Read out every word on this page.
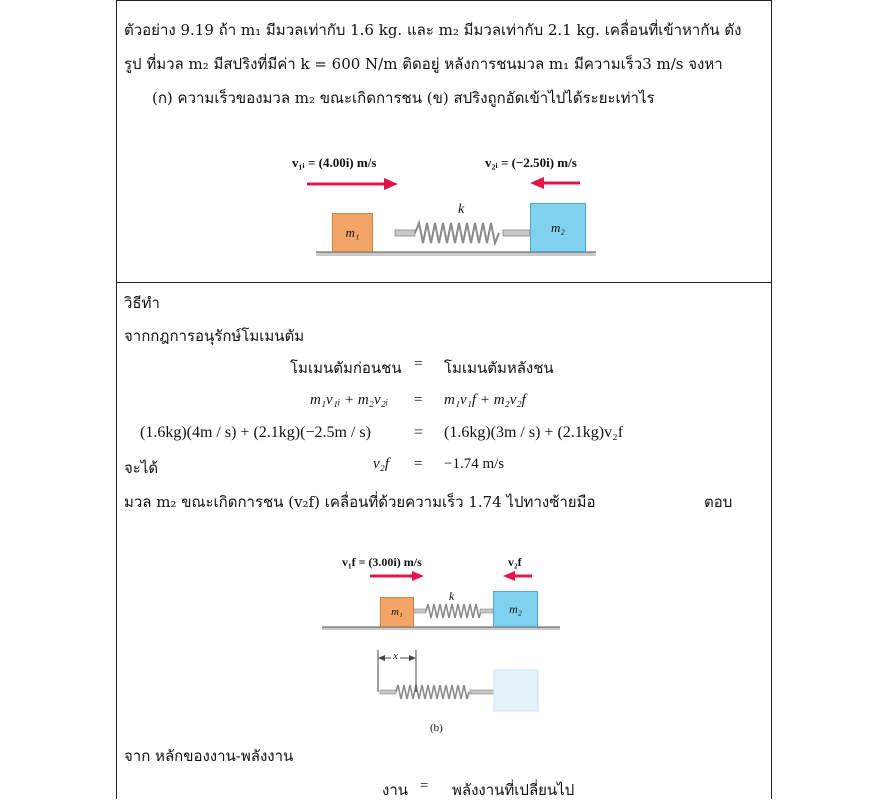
ตัวอย่าง 9.19 ถ้า m₁ มีมวลเท่ากับ 1.6 kg. และ m₂ มีมวลเท่ากับ 2.1 kg. เคลื่อนที่เข้าหากัน ดัง
รูป ที่มวล m₂ มีสปริงที่มีค่า k = 600 N/m ติดอยู่ หลังการชนมวล m₁ มีความเร็ว3 m/s จงหา
(ก) ความเร็วของมวล m₂ ขณะเกิดการชน (ข) สปริงถูกอัดเข้าไปได้ระยะเท่าไร
v₁ᵢ = (4.00i) m/s	v₂ᵢ = (−2.50i) m/s
k
m₁	m₂
วิธีทำ
จากกฎการอนุรักษ์โมเมนตัม
โมเมนตัมก่อนชน = โมเมนตัมหลังชน
m₁v₁ᵢ + m₂v₂ᵢ = m₁v₁f + m₂v₂f
(1.6kg)(4m / s) + (2.1kg)(−2.5m / s)	= (1.6kg)(3m / s) + (2.1kg)v₂f
จะได้	v₂f = −1.74 m/s
มวล m₂ ขณะเกิดการชน (v₂f) เคลื่อนที่ด้วยความเร็ว 1.74 ไปทางซ้ายมือ	ตอบ
v₁f = (3.00i) m/s	v₂f
k
x
m₁	m₂
(b)
จาก หลักของงาน-พลังงาน
งาน = พลังงานที่เปลี่ยนไป
